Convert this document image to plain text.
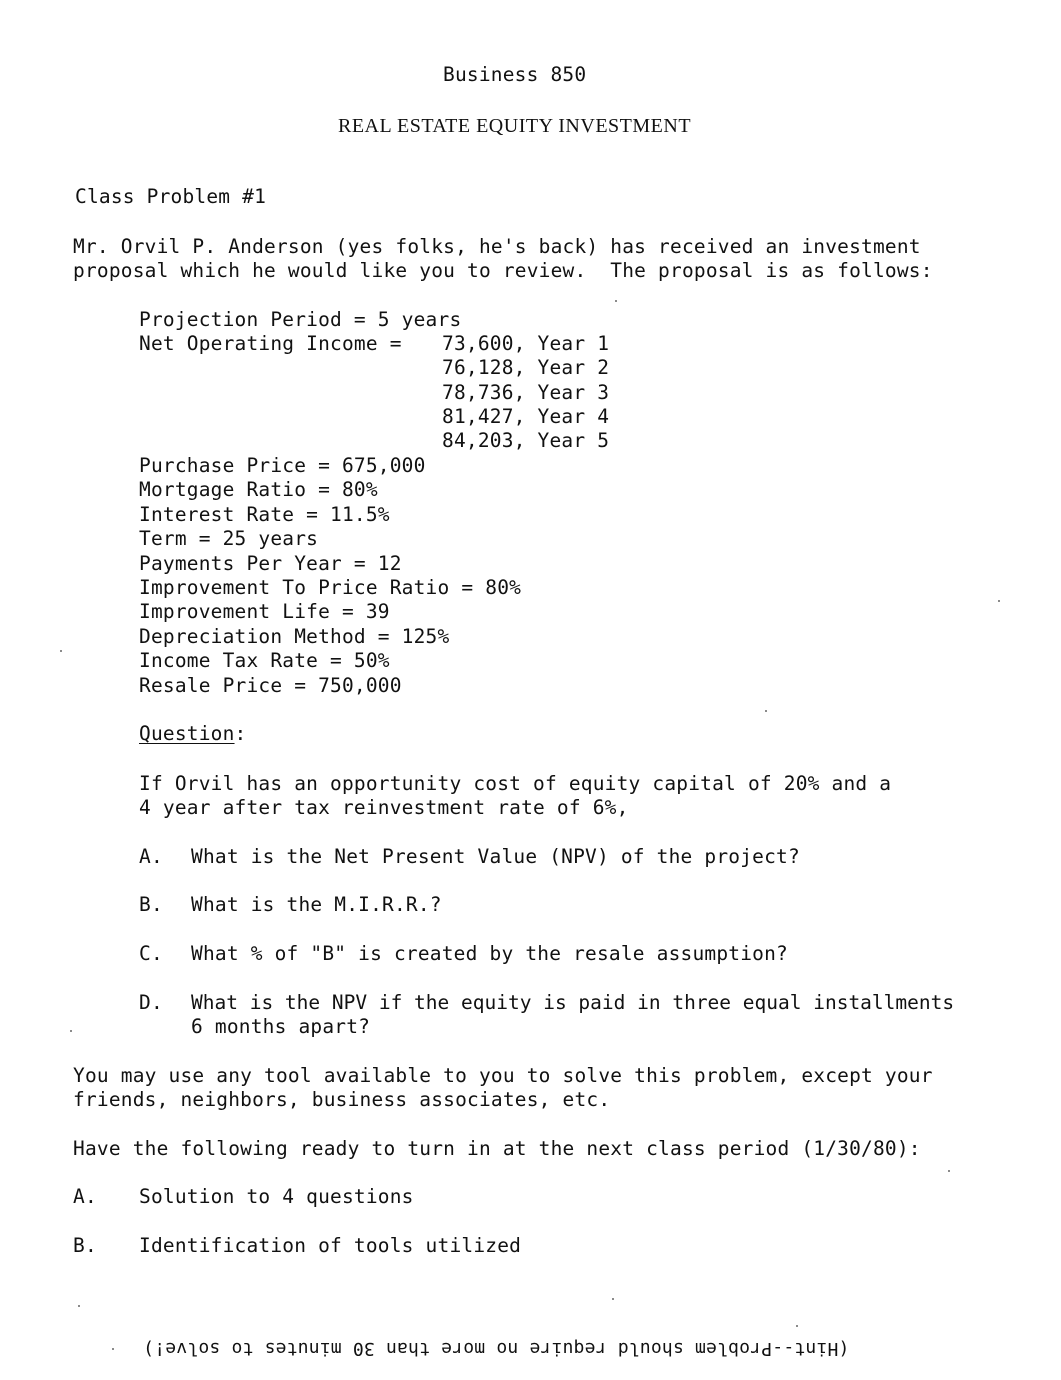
Business 850
REAL ESTATE EQUITY INVESTMENT
Class Problem #1
Mr. Orvil P. Anderson (yes folks, he's back) has received an investment
proposal which he would like you to review.  The proposal is as follows:
Projection Period = 5 years
Net Operating Income = 73,600, Year 1
76,128, Year 2
78,736, Year 3
81,427, Year 4
84,203, Year 5
Purchase Price = 675,000
Mortgage Ratio = 80%
Interest Rate = 11.5%
Term = 25 years
Payments Per Year = 12
Improvement To Price Ratio = 80%
Improvement Life = 39
Depreciation Method = 125%
Income Tax Rate = 50%
Resale Price = 750,000
Question:
If Orvil has an opportunity cost of equity capital of 20% and a
4 year after tax reinvestment rate of 6%,
A. What is the Net Present Value (NPV) of the project?
B. What is the M.I.R.R.?
C. What % of "B" is created by the resale assumption?
D. What is the NPV if the equity is paid in three equal installments
6 months apart?
You may use any tool available to you to solve this problem, except your
friends, neighbors, business associates, etc.
Have the following ready to turn in at the next class period (1/30/80):
A. Solution to 4 questions
B. Identification of tools utilized
(Hint--Problem should require no more than 30 minutes to solve!)
